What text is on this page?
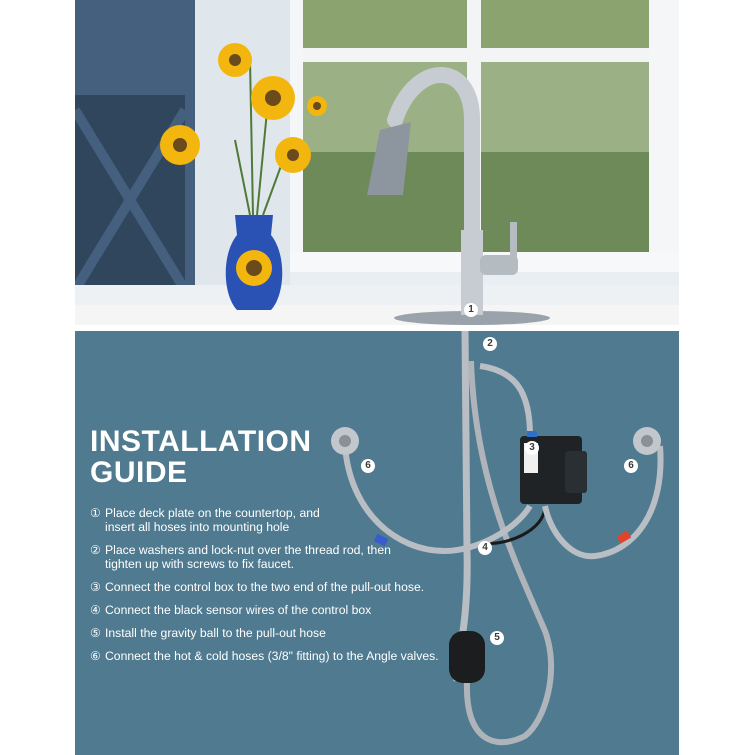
1
INSTALLATION
GUIDE
① Place deck plate on the countertop, and insert all hoses into mounting hole
② Place washers and lock-nut over the thread rod, then tighten up with screws to fix faucet.
③ Connect the control box to the two end of the pull-out hose.
④ Connect the black sensor wires of the control box
⑤ Install the gravity ball to the pull-out hose
⑥ Connect the hot & cold hoses (3/8" fitting) to the Angle valves.
2
3
4
5
6	6
